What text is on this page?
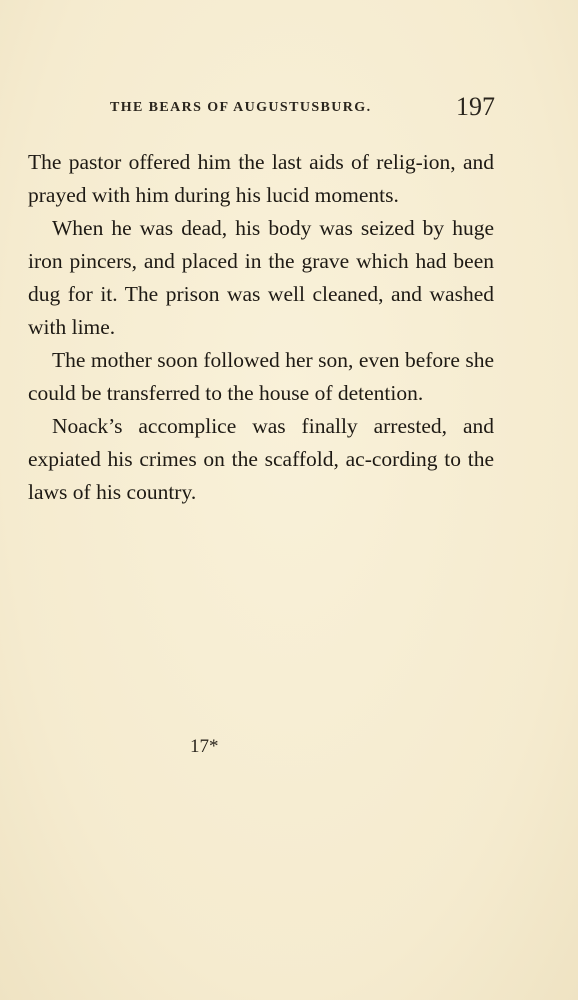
THE BEARS OF AUGUSTUSBURG.	197

The pastor offered him the last aids of relig-ion, and prayed with him during his lucid moments.

When he was dead, his body was seized by huge iron pincers, and placed in the grave which had been dug for it. The prison was well cleaned, and washed with lime.

The mother soon followed her son, even before she could be transferred to the house of detention.

Noack’s accomplice was finally arrested, and expiated his crimes on the scaffold, ac-cording to the laws of his country.

17*
